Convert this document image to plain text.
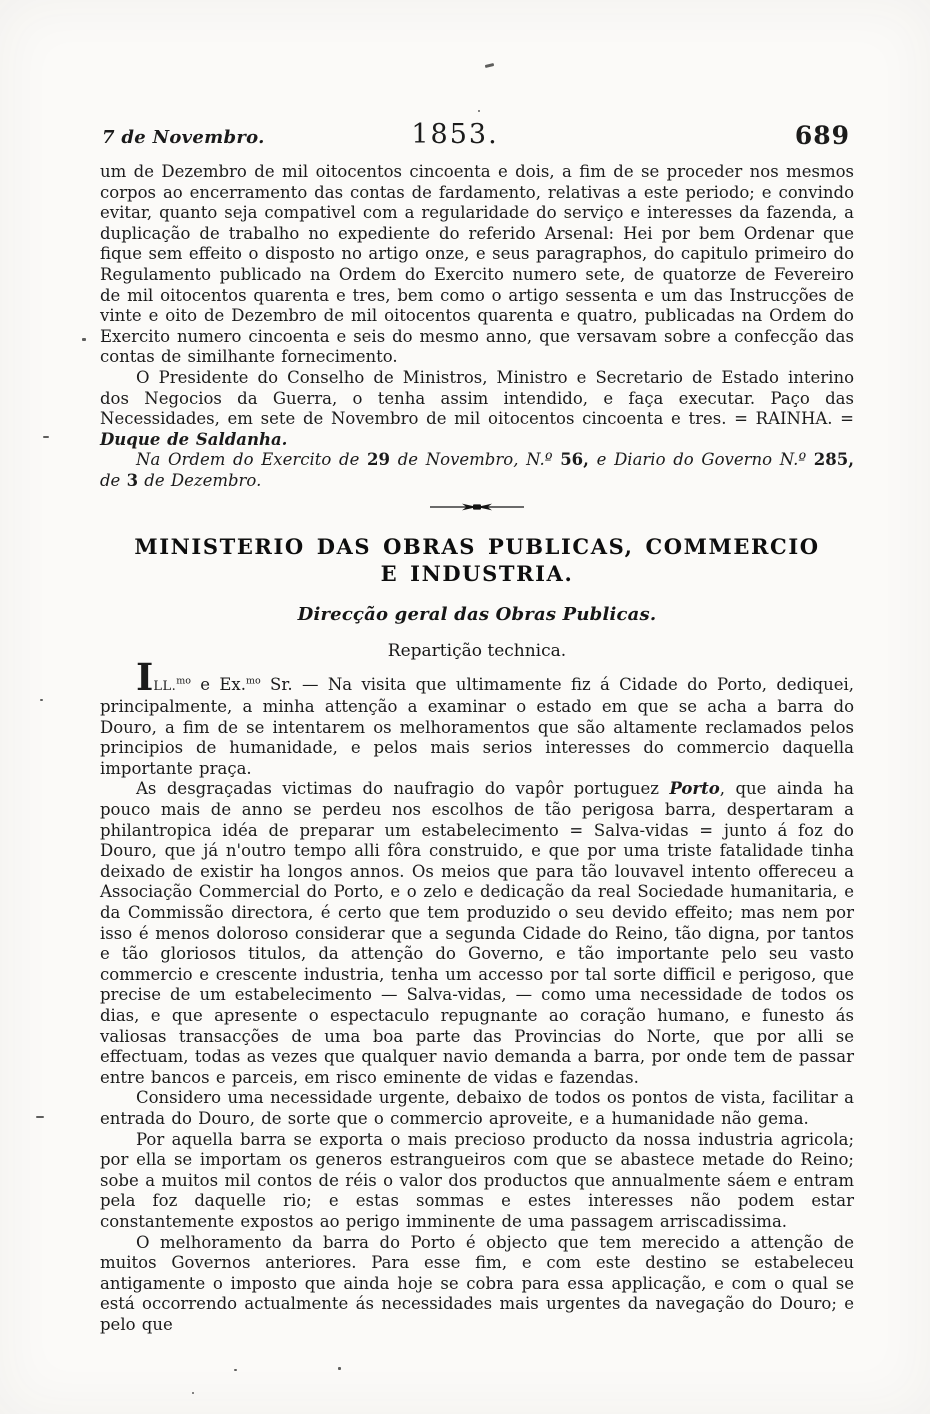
7 de Novembro.	1853.	689

um de Dezembro de mil oitocentos cincoenta e dois, a fim de se proceder nos mesmos corpos ao encerramento das contas de fardamento, relativas a este periodo; e convindo evitar, quanto seja compativel com a regularidade do serviço e interesses da fazenda, a duplicação de trabalho no expediente do referido Arsenal: Hei por bem Ordenar que fique sem effeito o disposto no artigo onze, e seus paragraphos, do capitulo primeiro do Regulamento publicado na Ordem do Exercito numero sete, de quatorze de Fevereiro de mil oitocentos quarenta e tres, bem como o artigo sessenta e um das Instrucções de vinte e oito de Dezembro de mil oitocentos quarenta e quatro, publicadas na Ordem do Exercito numero cincoenta e seis do mesmo anno, que versavam sobre a confecção das contas de similhante fornecimento.

O Presidente do Conselho de Ministros, Ministro e Secretario de Estado interino dos Negocios da Guerra, o tenha assim intendido, e faça executar. Paço das Necessidades, em sete de Novembro de mil oitocentos cincoenta e tres. = RAINHA. = Duque de Saldanha.

Na Ordem do Exercito de 29 de Novembro, N.º 56, e Diario do Governo N.º 285, de 3 de Dezembro.

MINISTERIO DAS OBRAS PUBLICAS, COMMERCIO
E INDUSTRIA.
Direcção geral das Obras Publicas.
Repartição technica.

ILL.$^{mo}$ e Ex.$^{mo}$ Sr. — Na visita que ultimamente fiz á Cidade do Porto, dediquei, principalmente, a minha attenção a examinar o estado em que se acha a barra do Douro, a fim de se intentarem os melhoramentos que são altamente reclamados pelos principios de humanidade, e pelos mais serios interesses do commercio daquella importante praça.

As desgraçadas victimas do naufragio do vapôr portuguez Porto, que ainda ha pouco mais de anno se perdeu nos escolhos de tão perigosa barra, despertaram a philantropica idéa de preparar um estabelecimento = Salva-vidas = junto á foz do Douro, que já n'outro tempo alli fôra construido, e que por uma triste fatalidade tinha deixado de existir ha longos annos. Os meios que para tão louvavel intento offereceu a Associação Commercial do Porto, e o zelo e dedicação da real Sociedade humanitaria, e da Commissão directora, é certo que tem produzido o seu devido effeito; mas nem por isso é menos doloroso considerar que a segunda Cidade do Reino, tão digna, por tantos e tão gloriosos titulos, da attenção do Governo, e tão importante pelo seu vasto commercio e crescente industria, tenha um accesso por tal sorte difficil e perigoso, que precise de um estabelecimento — Salva-vidas, — como uma necessidade de todos os dias, e que apresente o espectaculo repugnante ao coração humano, e funesto ás valiosas transacções de uma boa parte das Provincias do Norte, que por alli se effectuam, todas as vezes que qualquer navio demanda a barra, por onde tem de passar entre bancos e parceis, em risco eminente de vidas e fazendas.

Considero uma necessidade urgente, debaixo de todos os pontos de vista, facilitar a entrada do Douro, de sorte que o commercio aproveite, e a humanidade não gema.

Por aquella barra se exporta o mais precioso producto da nossa industria agricola; por ella se importam os generos estrangueiros com que se abastece metade do Reino; sobe a muitos mil contos de réis o valor dos productos que annualmente sáem e entram pela foz daquelle rio; e estas sommas e estes interesses não podem estar constantemente expostos ao perigo imminente de uma passagem arriscadissima.

O melhoramento da barra do Porto é objecto que tem merecido a attenção de muitos Governos anteriores. Para esse fim, e com este destino se estabeleceu antigamente o imposto que ainda hoje se cobra para essa applicação, e com o qual se está occorrendo actualmente ás necessidades mais urgentes da navegação do Douro; e pelo que
